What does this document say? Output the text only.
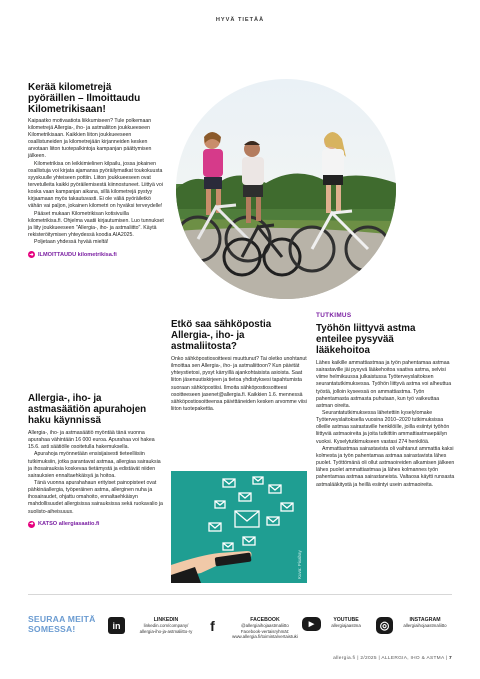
HYVÄ TIETÄÄ
Kerää kilometrejä
pyöräillen – Ilmoittaudu
Kilometrikisaan!

Kaipaatko motivaatiota liikkumiseen? Tule polkemaan kilometrejä Allergia-, iho- ja astmaliiton joukkueeseen Kilometrikisaan. Kaikkien liiton joukkueeseen osallistuneiden ja kilometrejään kirjanneiden kesken arvotaan liiton tuotepalkintoja kampanjan päättymisen jälkeen.

Kilometrikisa on leikkimielinen kilpailu, jossa jokainen osallistuja voi kirjata ajamansa pyöräilymatkat toukokuusta syyskuulle yhteiseen pottiin. Liiton joukkueeseen ovat tervetulleita kaikki pyöräilemisestä kiinnostuneet. Liittyä voi koska vaan kampanjan aikana, sillä kilometrejä pystyy kirjaamaan myös takautuvasti. Ei ole väliä pyöräiletkö vähän vai paljon, jokainen kilometri on hyväksi terveydelle!

Pääset mukaan Kilometrikisan kotisivuilla kilometrikisa.fi. Ohjelma vaatii kirjautumisen. Luo tunnukset ja liity joukkueeseen "Allergia-, iho- ja astmaliitto". Käytä rekisteröitymisen yhteydessä koodia AIA2025.

Poljetaan yhdessä hyvää mieltä!

➜ ILMOITTAUDU kilometrikisa.fi
Allergia-, iho- ja
astmasäätiön apurahojen
haku käynnissä

Allergia-, iho- ja astmasäätiö myöntää tänä vuonna apurahaa vähintään 16 000 euroa. Apurahaa voi hakea 15.6. asti säätiölle osoitetulla hakemuksella.

Apurahoja myönnetään ensisijaisesti tieteelliisiin tutkimuksiin, jotka parantavat astmaa, allergiaa sairauksia ja ihosairauksia koskevaa tietämystä ja edistävät niiden sairauksien ennaltaehkäisyä ja hoitoa.

Tänä vuonna apurahahaun erityiset painopisteet ovat pähkinäallergia, työperäinen astma, allerginen nuha ja ihosairaudet, ohjattu omahoito, ennaltaehkäisyn mahdollisuudet allergisissa sairauksissa sekä ruokavalio ja suolisto-aiheisuuus.

➜ KATSO allergiasaatio.fi
Etkö saa sähköpostia
Allergia-, iho- ja
astmaliitosta?

Onko sähköpostiosoitteesi muuttunut? Tai oletko unohtanut ilmoittaa sen Allergia-, iho- ja astmaliittoon? Kun päivität yhteystietosi, pysyt kärryillä ajankohtaisista asioista. Saat liiton jäsenuutiskirjeen ja tietoa yhdistyksesi tapahtumista suoraan sähköpostiisi. Ilmoita sähköpostiosoitteesi osoitteeseen jasenet@allergia.fi. Kaikkien 1.6. mennessä sähköpostiosoitteensa päivittäneiden kesken arvomme viisi liiton tuotepakettia.

Kuva: Pixabay
TUTKIMUS
Työhön liittyvä astma
enteilee pysyvää
lääkehoitoa

Lähes kaikille ammattiastmaa ja työn pahentamaa astmaa sairastaville jäi pysyvä lääkehoitoa vaativa astma, selvisi viime helmikuussa julkaistussa Työterveyslaitoksen seurantatutkimuksessa. Työhön liittyvä astma voi alheuttua työstä, jolloin kyseessä on ammattiastma. Työn pahentamasta astmasta puhutaan, kun työ vaikeuttaa astman oireita.

Seurantatutkimuksessa lähetettiin kyselylomake Työterveyslaitoksella vuosina 2010–2020 tutkimuksissa olleille astmaa sairastaville henkilöille, joilla esiintyi työhön liittyviä astmaoireita ja joita tutkittiin ammattiastmaepäilyn vuoksi. Kyselytutkimukseen vastasi 274 henkilöä.

Ammattiastmaa sairastavista oli vaihtanut ammattia kaksi kolmesta ja työn pahentamaa astmaa sairastavista lähes puolet. Työttömänä oli ollut astmaoireiden alkamisen jälkeen lähes puolet ammattiastmaa ja lähes kolmannes työn pahentamaa astmaa sairastaneista. Valtaosa käytti runsasta astmalääkitystä ja heillä esiintyi usein astmaoireita.

SEURAA MEITÄ
SOMESSA!	in
LINKEDIN
linkedin.com/company/
allergia-iho-ja-astmaliitto-ry	f	FACEBOOK
@allergiaihojaastmaliitto
Facebook-vertaisryhmät:
www.allergia.fi/toiminta/vertaistuki
▶
YOUTUBE
allergiajaastma	◎	INSTAGRAM
allergiaihojaastmaliitto
allergia.fi | 2/2025 | ALLERGIA, IHO & ASTMA | 7
